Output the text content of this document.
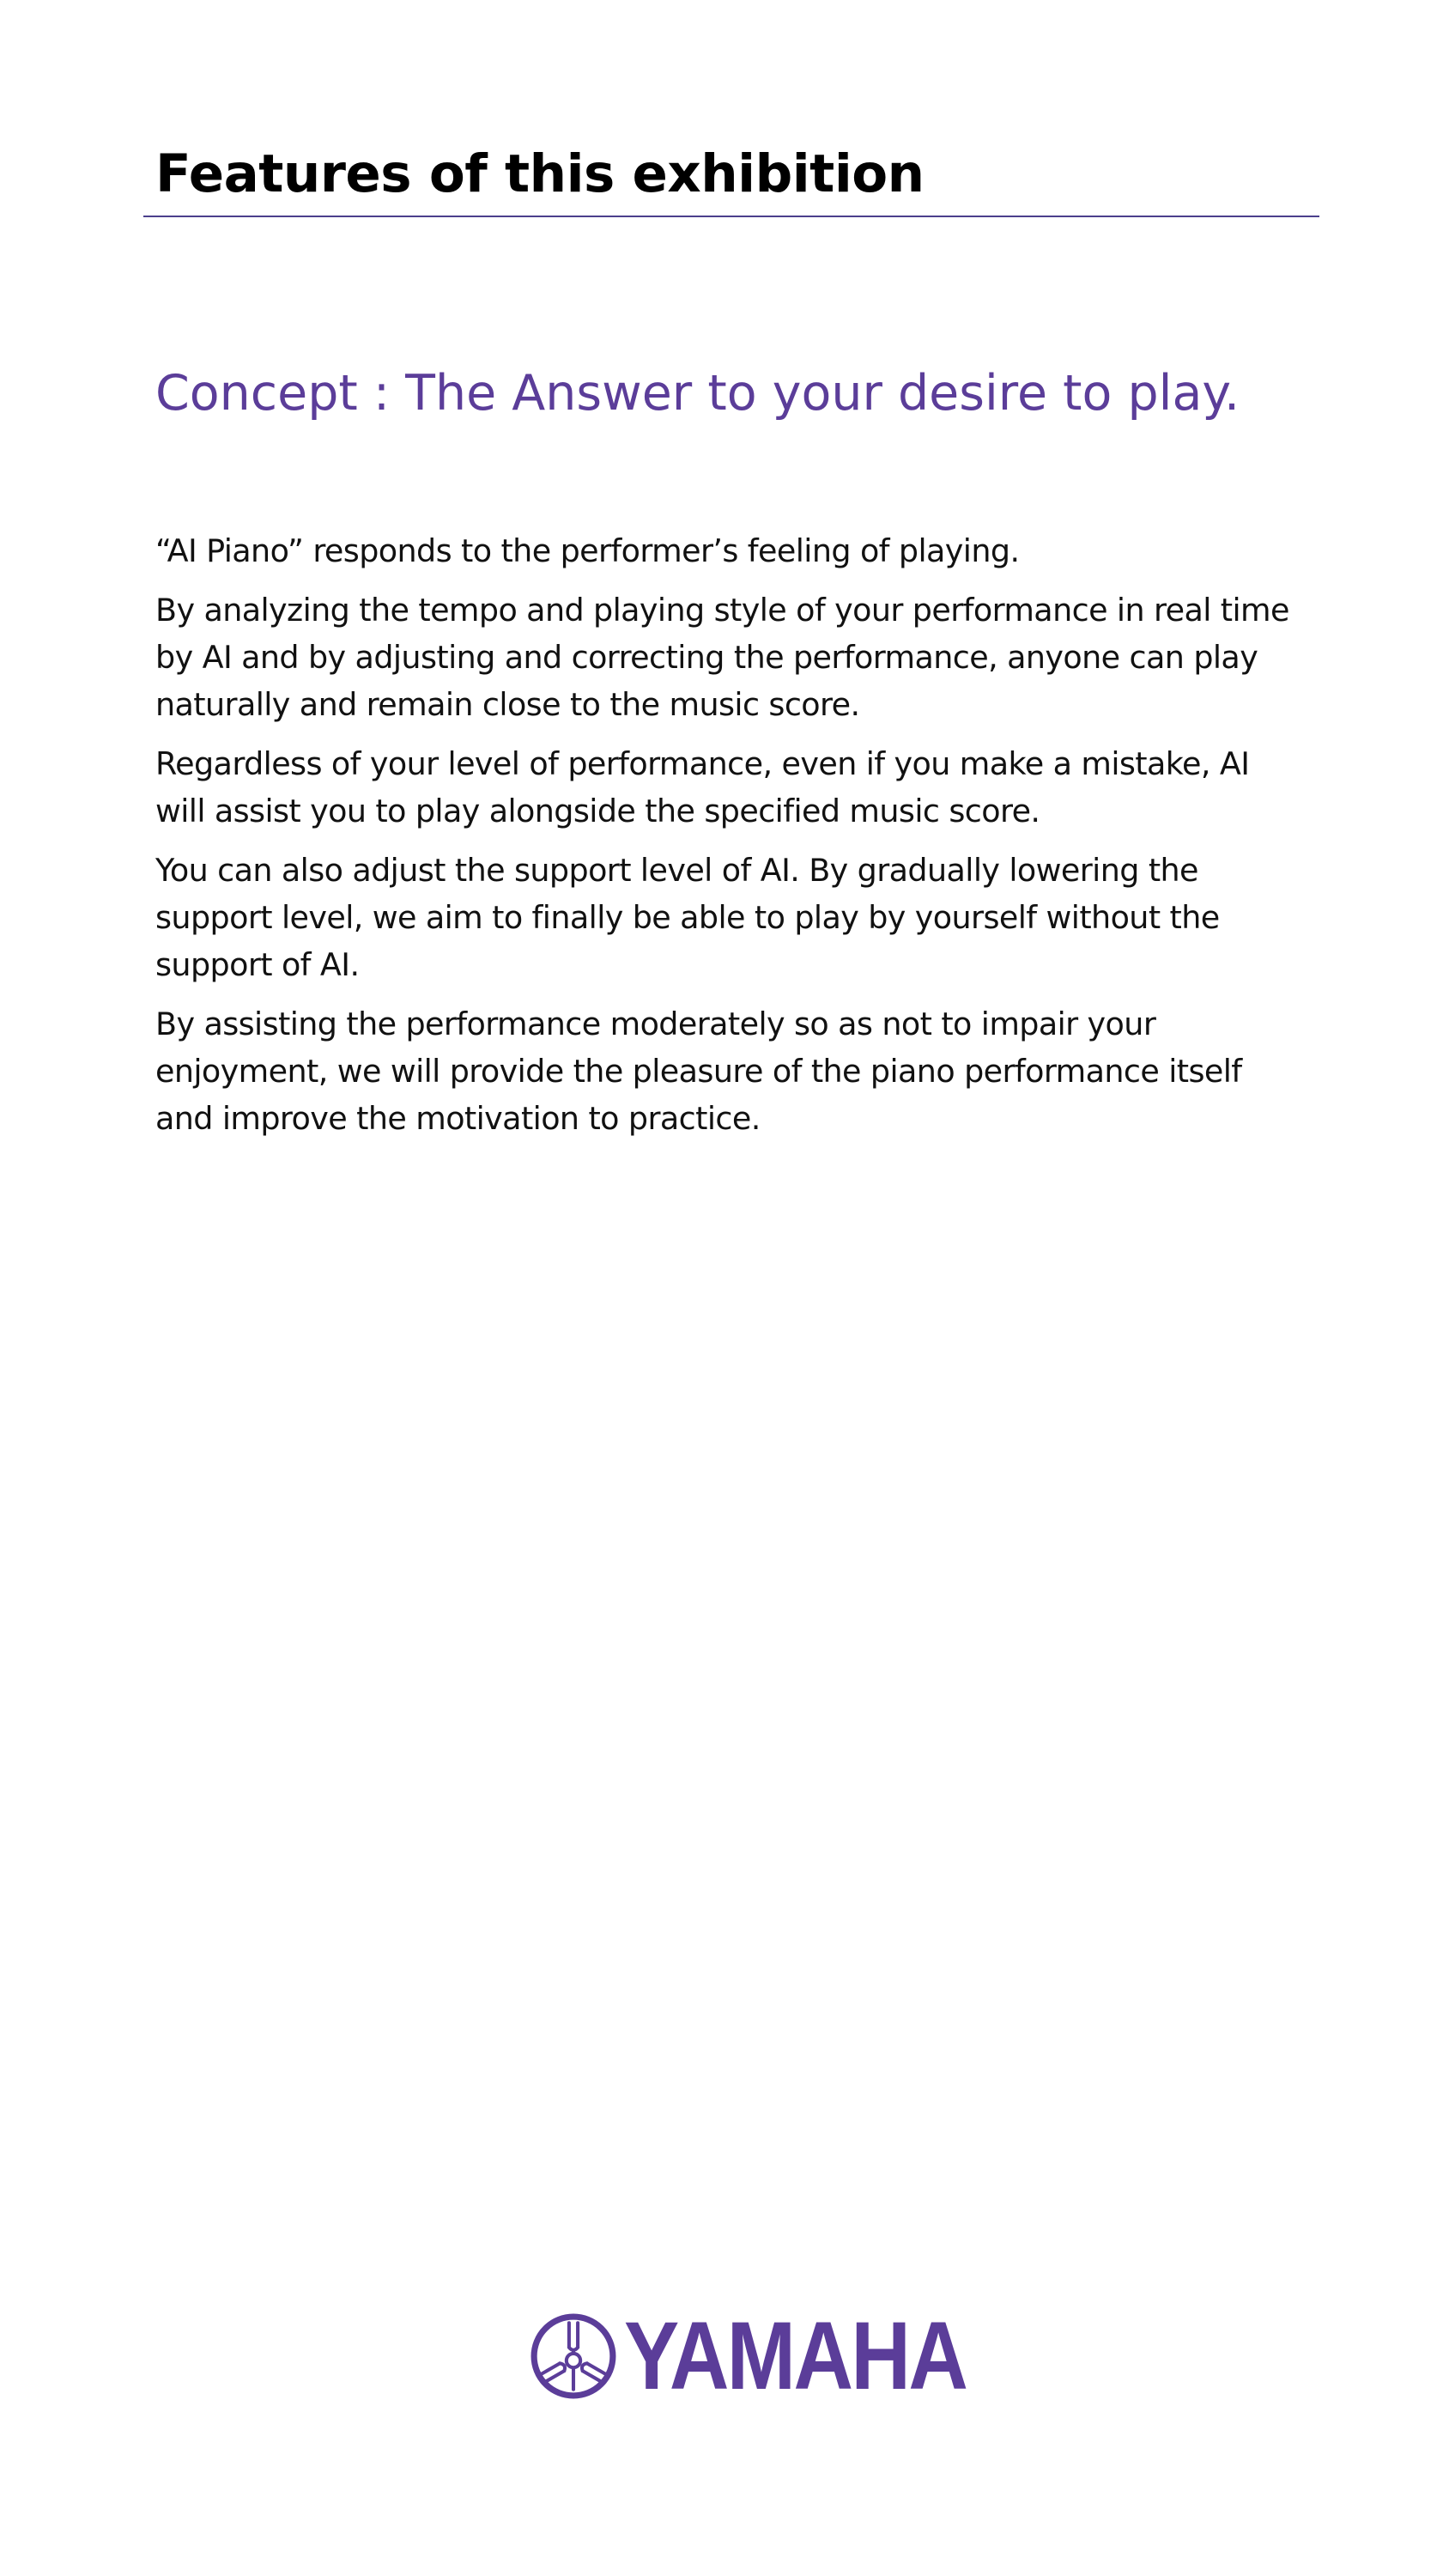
Features of this exhibition
Concept : The Answer to your desire to play.

“AI Piano” responds to the performer’s feeling of playing.

By analyzing the tempo and playing style of your performance in real time by AI and by adjusting and correcting the performance, anyone can play naturally and remain close to the music score.

Regardless of your level of performance, even if you make a mistake, AI will assist you to play alongside the specified music score.

You can also adjust the support level of AI. By gradually lowering the support level, we aim to finally be able to play by yourself without the support of AI.

By assisting the performance moderately so as not to impair your enjoyment, we will provide the pleasure of the piano performance itself and improve the motivation to practice.

YAMAHA
